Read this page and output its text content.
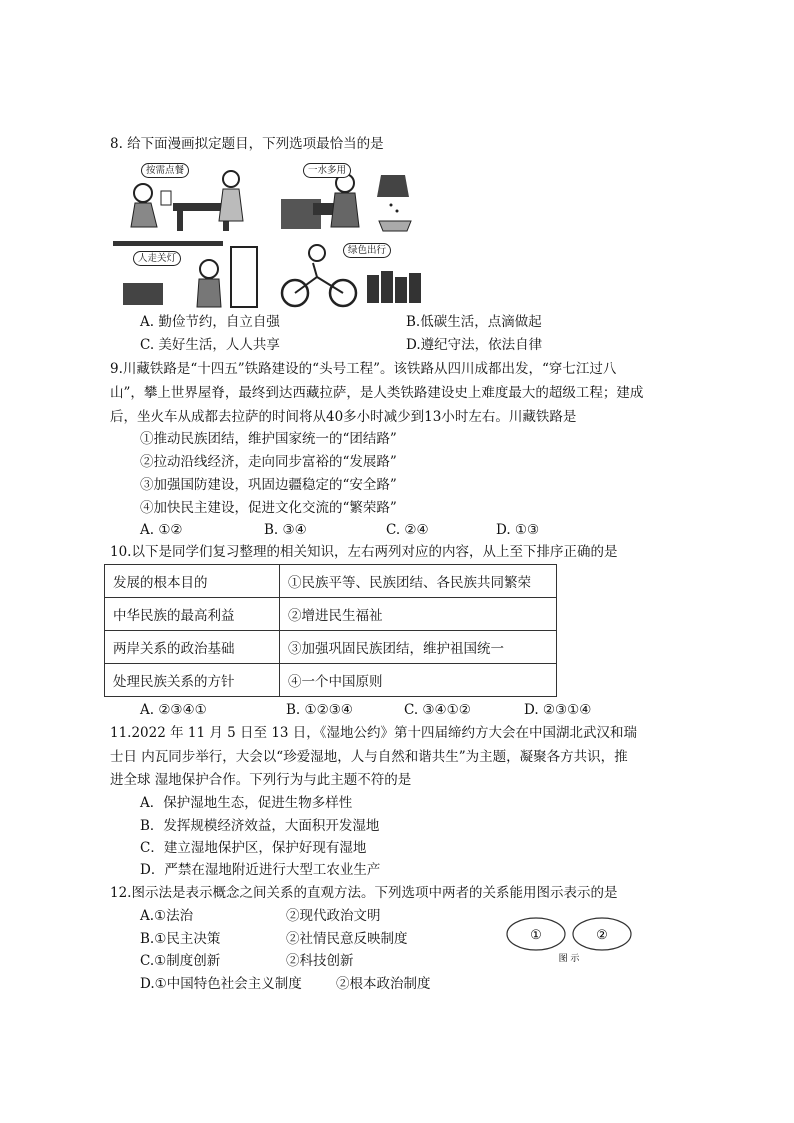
8. 给下面漫画拟定题目，下列选项最恰当的是
按需点餐	一水多用
人走关灯
绿色出行
A. 勤俭节约，自立自强	B.低碳生活，点滴做起
C. 美好生活，人人共享	D.遵纪守法，依法自律
9.川藏铁路是“十四五”铁路建设的“头号工程”。该铁路从四川成都出发，“穿七江过八
山”，攀上世界屋脊，最终到达西藏拉萨，是人类铁路建设史上难度最大的超级工程；建成
后，坐火车从成都去拉萨的时间将从40多小时减少到13小时左右。川藏铁路是
①推动民族团结，维护国家统一的“团结路”
②拉动沿线经济，走向同步富裕的“发展路”
③加强国防建设，巩固边疆稳定的“安全路”
④加快民主建设，促进文化交流的“繁荣路”
A. ①②	B. ③④	C. ②④	D. ①③
10.以下是同学们复习整理的相关知识，左右两列对应的内容，从上至下排序正确的是
发展的根本目的	①民族平等、民族团结、各民族共同繁荣
中华民族的最高利益	②增进民生福祉
两岸关系的政治基础	③加强巩固民族团结，维护祖国统一
处理民族关系的方针	④一个中国原则
A. ②③④①	B. ①②③④	C. ③④①②	D. ②③①④
11.2022 年 11 月 5 日至 13 日，《湿地公约》第十四届缔约方大会在中国湖北武汉和瑞
士日 内瓦同步举行，大会以“珍爱湿地，人与自然和谐共生”为主题，凝聚各方共识，推
进全球 湿地保护合作。下列行为与此主题不符的是
A．保护湿地生态，促进生物多样性
B．发挥规模经济效益，大面积开发湿地
C．建立湿地保护区，保护好现有湿地
D．严禁在湿地附近进行大型工农业生产
12.图示法是表示概念之间关系的直观方法。下列选项中两者的关系能用图示表示的是
A.①法治	②现代政治文明
B.①民主决策	②社情民意反映制度
C.①制度创新	②科技创新
D.①中国特色社会主义制度	②根本政治制度
①	②
图 示
